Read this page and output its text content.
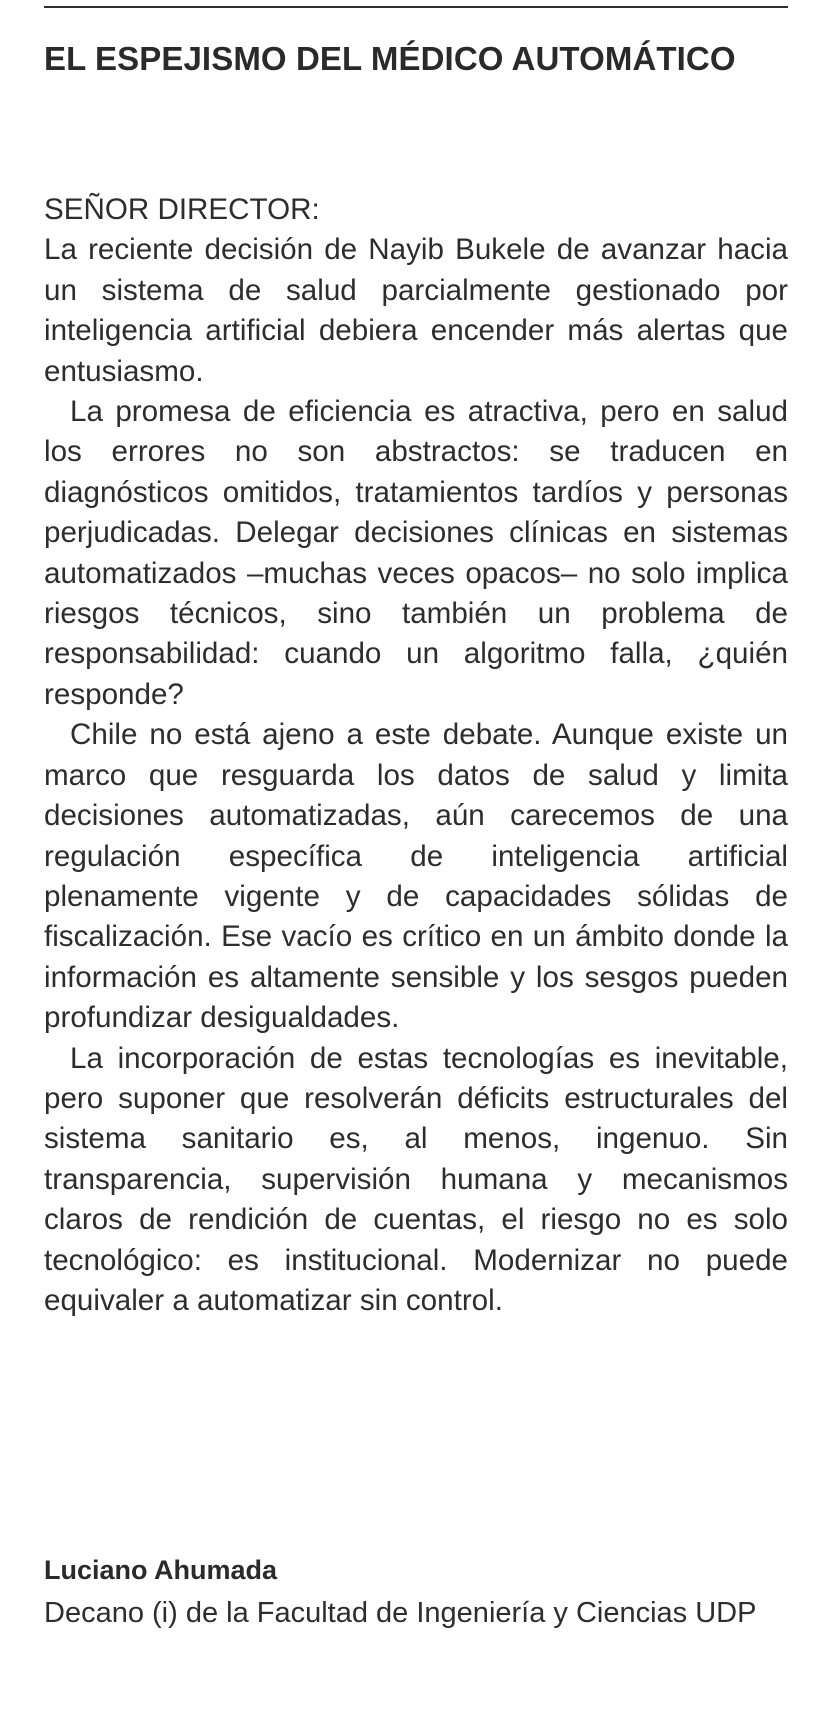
EL ESPEJISMO DEL MÉDICO AUTOMÁTICO

SEÑOR DIRECTOR:

La reciente decisión de Nayib Bukele de avanzar hacia un sistema de salud parcialmente gestionado por inteligencia artificial debiera encender más alertas que entusiasmo.

La promesa de eficiencia es atractiva, pero en salud los errores no son abstractos: se traducen en diagnósticos omitidos, tratamientos tardíos y personas perjudicadas. Delegar decisiones clínicas en sistemas automatizados –muchas veces opacos– no solo implica riesgos técnicos, sino también un problema de responsabilidad: cuando un algoritmo falla, ¿quién responde?

Chile no está ajeno a este debate. Aunque existe un marco que resguarda los datos de salud y limita decisiones automatizadas, aún carecemos de una regulación específica de inteligencia artificial plenamente vigente y de capacidades sólidas de fiscalización. Ese vacío es crítico en un ámbito donde la información es altamente sensible y los sesgos pueden profundizar desigualdades.

La incorporación de estas tecnologías es inevitable, pero suponer que resolverán déficits estructurales del sistema sanitario es, al menos, ingenuo. Sin transparencia, supervisión humana y mecanismos claros de rendición de cuentas, el riesgo no es solo tecnológico: es institucional. Modernizar no puede equivaler a automatizar sin control.

Luciano Ahumada

Decano (i) de la Facultad de Ingeniería y Ciencias UDP
